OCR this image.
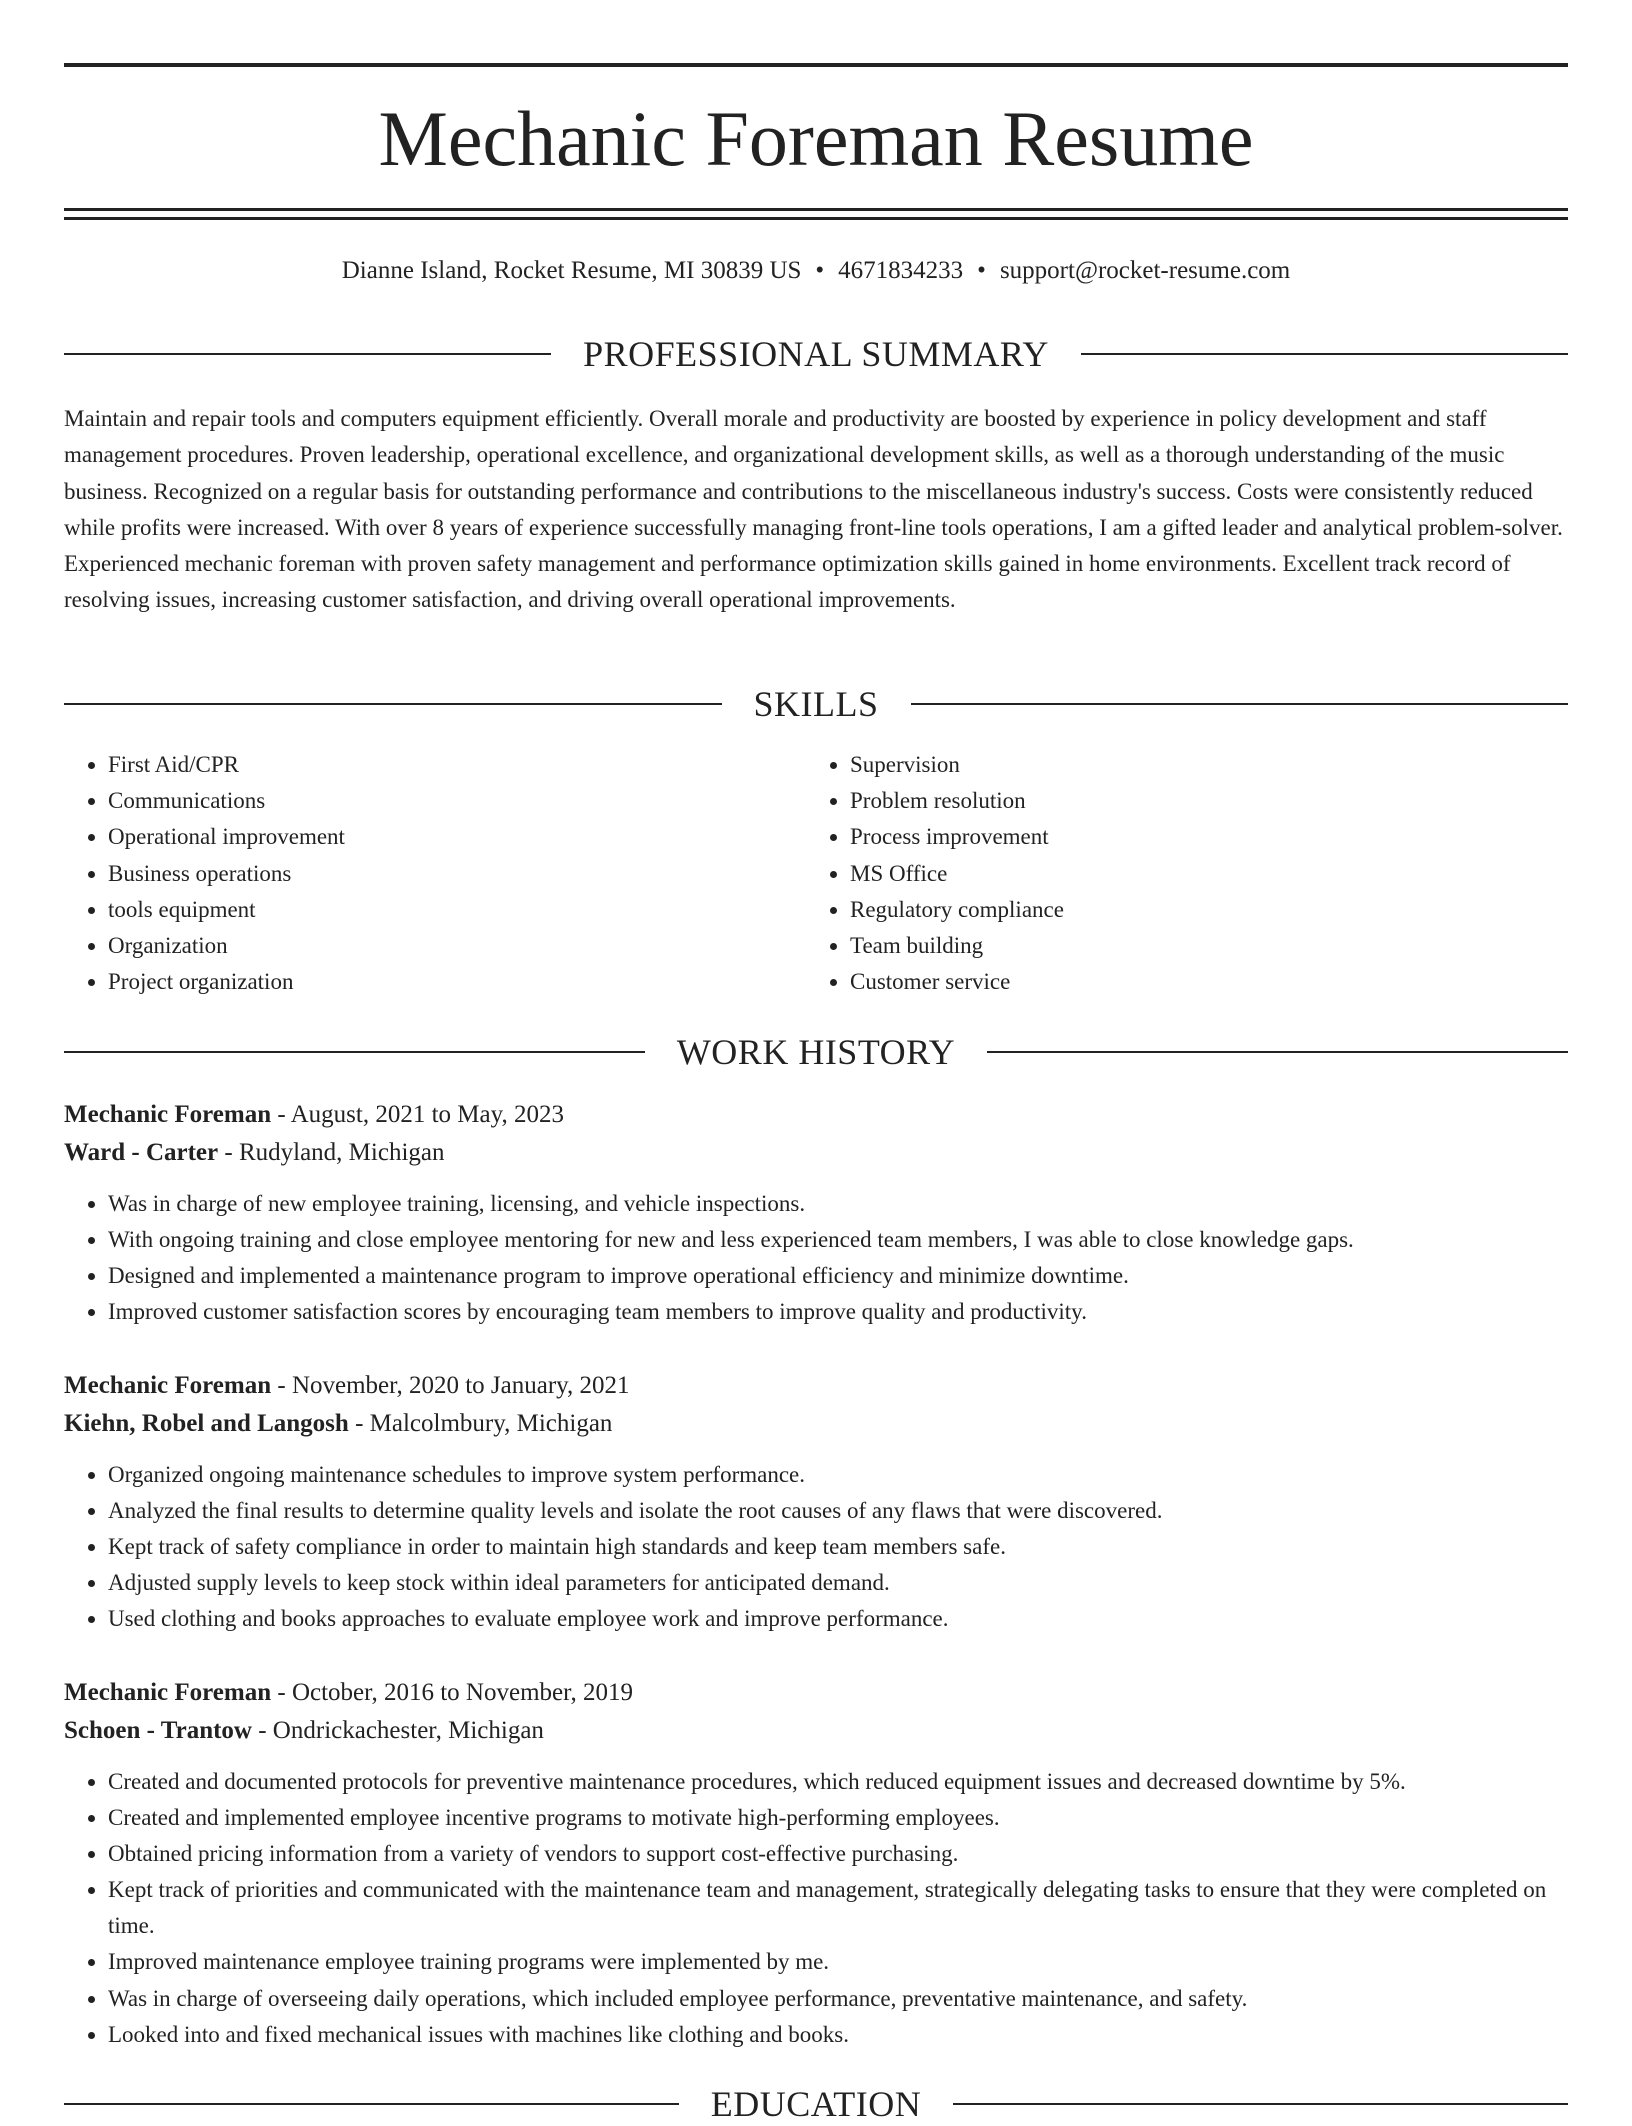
Mechanic Foreman Resume
Dianne Island, Rocket Resume, MI 30839 US • 4671834233 • support@rocket-resume.com
PROFESSIONAL SUMMARY

Maintain and repair tools and computers equipment efficiently. Overall morale and productivity are boosted by experience in policy development and staff management procedures. Proven leadership, operational excellence, and organizational development skills, as well as a thorough understanding of the music business. Recognized on a regular basis for outstanding performance and contributions to the miscellaneous industry's success. Costs were consistently reduced while profits were increased. With over 8 years of experience successfully managing front-line tools operations, I am a gifted leader and analytical problem-solver. Experienced mechanic foreman with proven safety management and performance optimization skills gained in home environments. Excellent track record of resolving issues, increasing customer satisfaction, and driving overall operational improvements.

SKILLS
• First Aid/CPR
• Communications
• Operational improvement
• Business operations
• tools equipment
• Organization
• Project organization
• Supervision
• Problem resolution
• Process improvement
• MS Office
• Regulatory compliance
• Team building
• Customer service
WORK HISTORY
Mechanic Foreman - August, 2021 to May, 2023
Ward - Carter - Rudyland, Michigan
• Was in charge of new employee training, licensing, and vehicle inspections.
• With ongoing training and close employee mentoring for new and less experienced team members, I was able to close knowledge gaps.
• Designed and implemented a maintenance program to improve operational efficiency and minimize downtime.
• Improved customer satisfaction scores by encouraging team members to improve quality and productivity.
Mechanic Foreman - November, 2020 to January, 2021
Kiehn, Robel and Langosh - Malcolmbury, Michigan
• Organized ongoing maintenance schedules to improve system performance.
• Analyzed the final results to determine quality levels and isolate the root causes of any flaws that were discovered.
• Kept track of safety compliance in order to maintain high standards and keep team members safe.
• Adjusted supply levels to keep stock within ideal parameters for anticipated demand.
• Used clothing and books approaches to evaluate employee work and improve performance.
Mechanic Foreman - October, 2016 to November, 2019
Schoen - Trantow - Ondrickachester, Michigan
• Created and documented protocols for preventive maintenance procedures, which reduced equipment issues and decreased downtime by 5%.
• Created and implemented employee incentive programs to motivate high-performing employees.
• Obtained pricing information from a variety of vendors to support cost-effective purchasing.
• Kept track of priorities and communicated with the maintenance team and management, strategically delegating tasks to ensure that they were completed on time.
• Improved maintenance employee training programs were implemented by me.
• Was in charge of overseeing daily operations, which included employee performance, preventative maintenance, and safety.
• Looked into and fixed mechanical issues with machines like clothing and books.
EDUCATION
